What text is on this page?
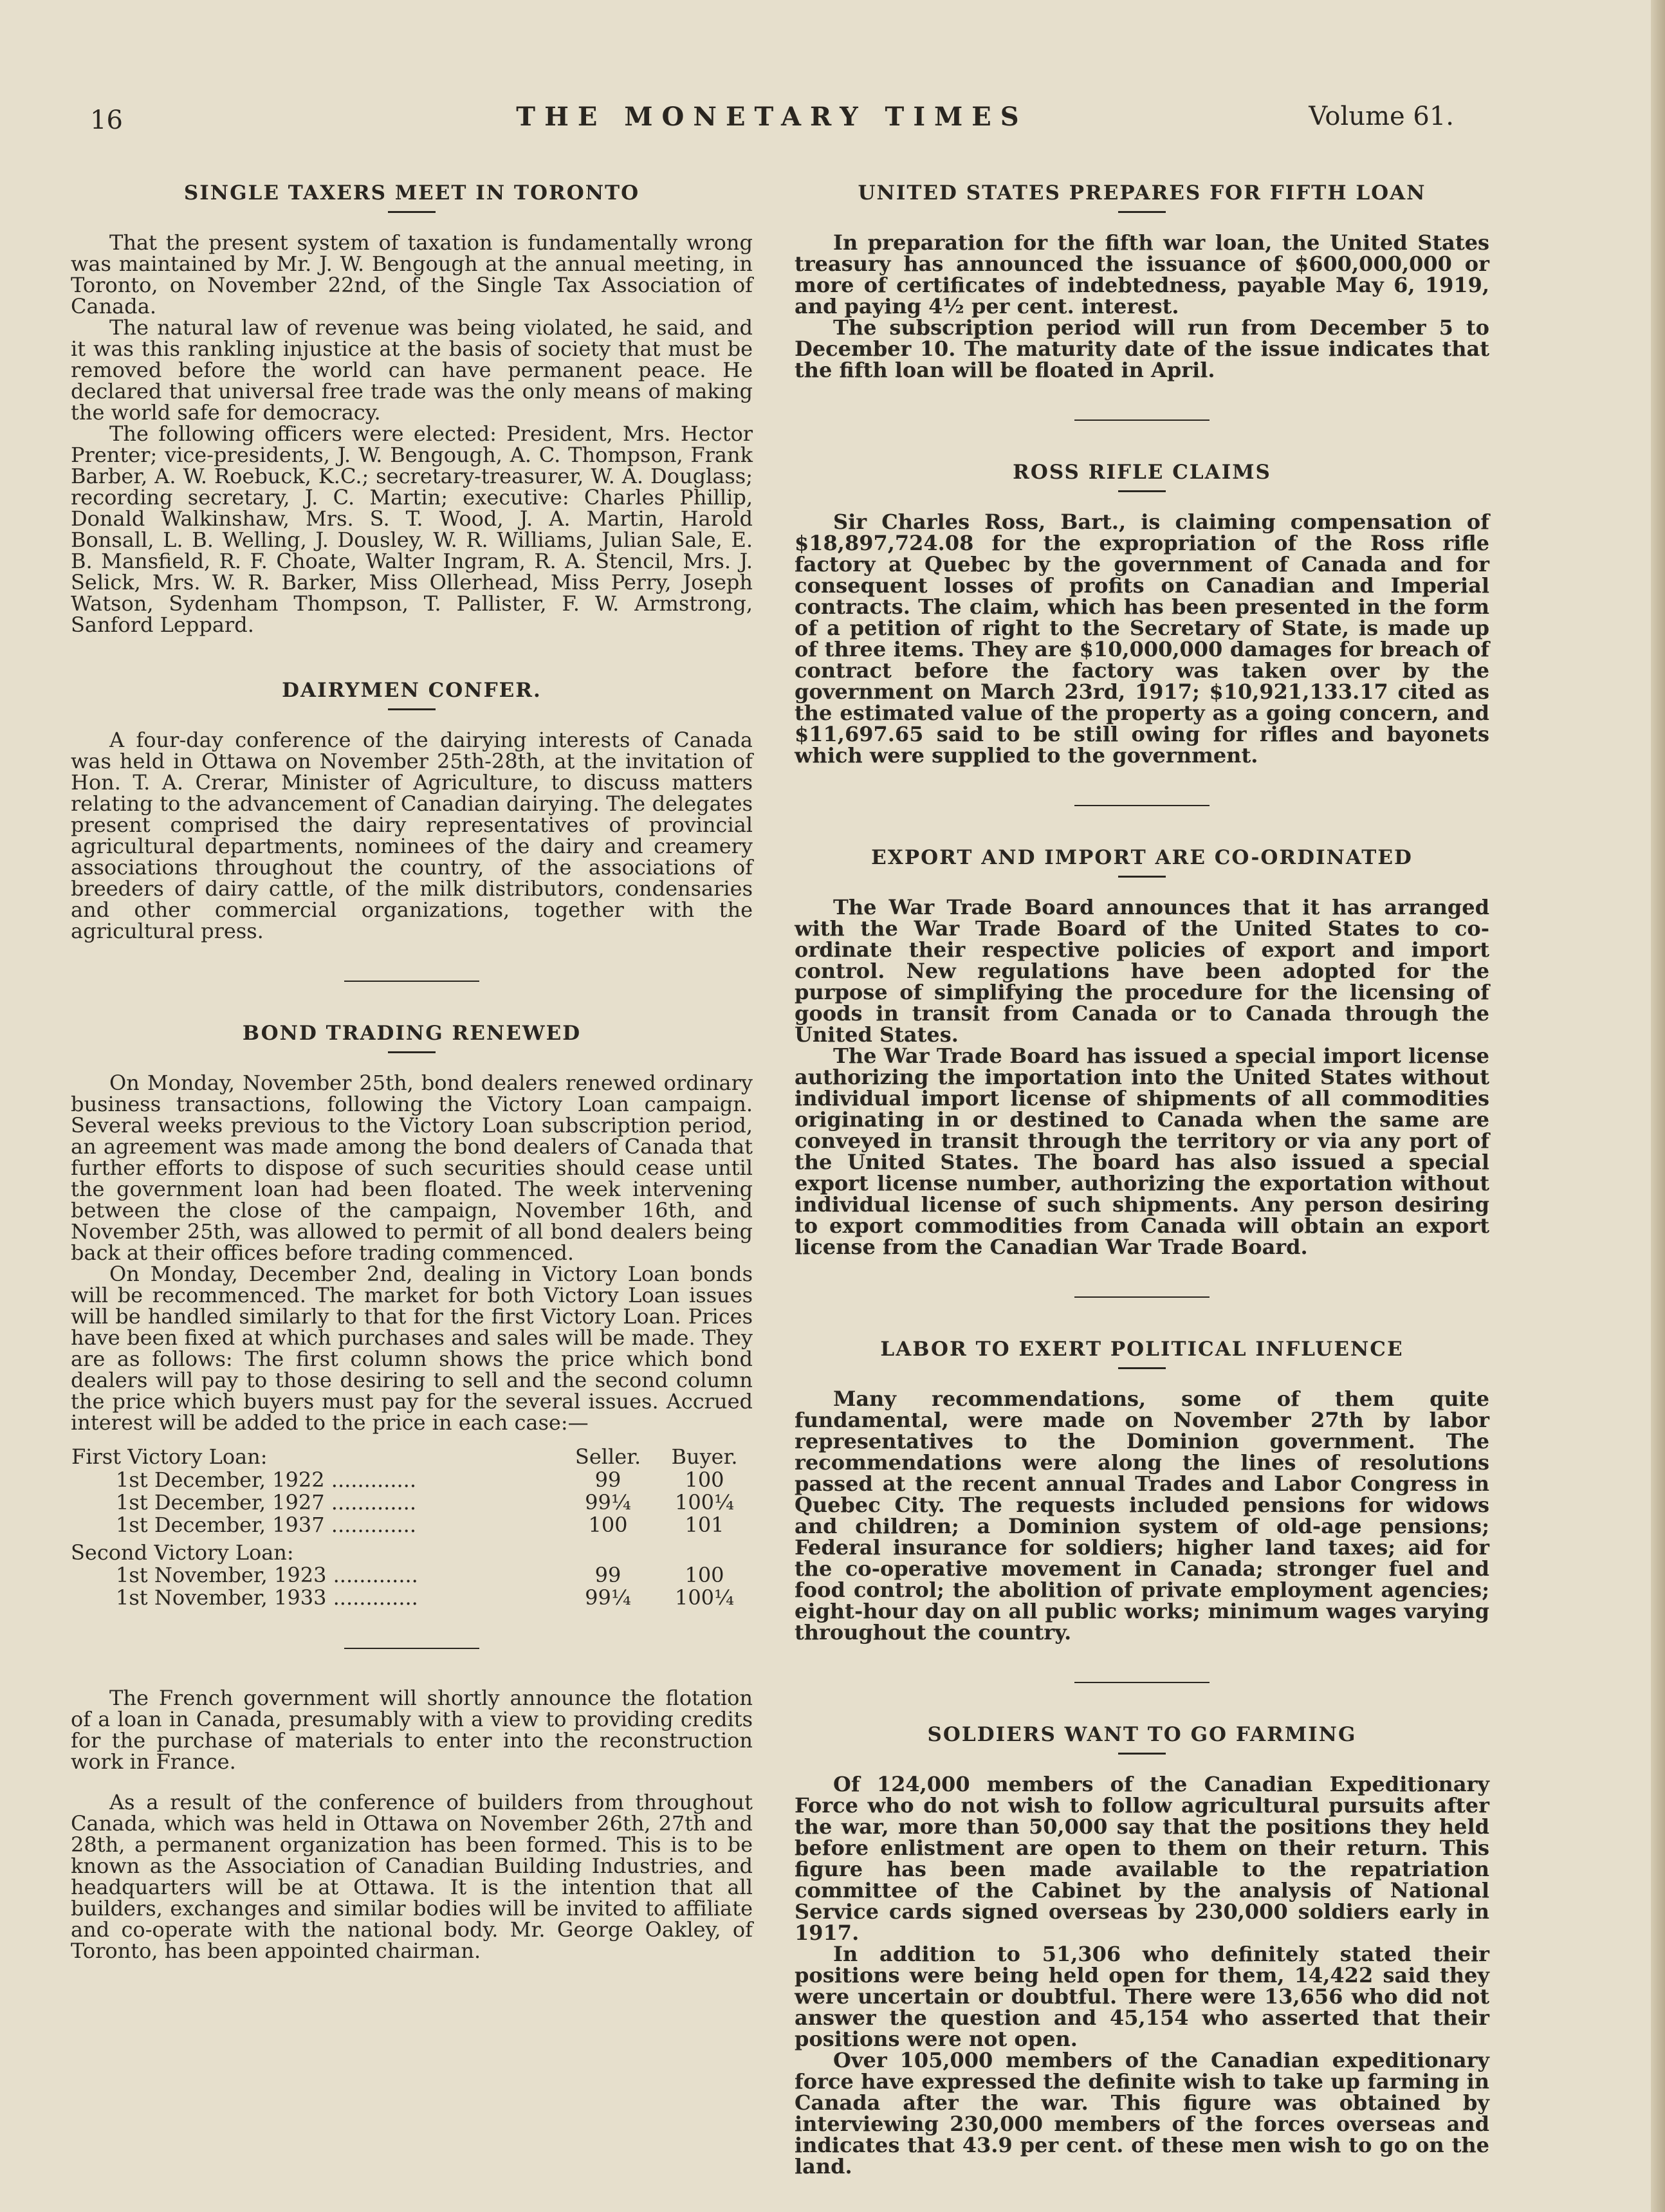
16	THE MONETARY TIMES	Volume 61.
SINGLE TAXERS MEET IN TORONTO

That the present system of taxation is fundamentally wrong was maintained by Mr. J. W. Bengough at the annual meeting, in Toronto, on November 22nd, of the Single Tax Association of Canada.

The natural law of revenue was being violated, he said, and it was this rankling injustice at the basis of society that must be removed before the world can have permanent peace. He declared that universal free trade was the only means of making the world safe for democracy.

The following officers were elected: President, Mrs. Hector Prenter; vice-presidents, J. W. Bengough, A. C. Thompson, Frank Barber, A. W. Roebuck, K.C.; secretary-treasurer, W. A. Douglass; recording secretary, J. C. Martin; executive: Charles Phillip, Donald Walkinshaw, Mrs. S. T. Wood, J. A. Martin, Harold Bonsall, L. B. Welling, J. Dousley, W. R. Williams, Julian Sale, E. B. Mansfield, R. F. Choate, Walter Ingram, R. A. Stencil, Mrs. J. Selick, Mrs. W. R. Barker, Miss Ollerhead, Miss Perry, Joseph Watson, Sydenham Thompson, T. Pallister, F. W. Armstrong, Sanford Leppard.

DAIRYMEN CONFER.

A four-day conference of the dairying interests of Canada was held in Ottawa on November 25th-28th, at the invitation of Hon. T. A. Crerar, Minister of Agriculture, to discuss matters relating to the advancement of Canadian dairying. The delegates present comprised the dairy representatives of provincial agricultural departments, nominees of the dairy and creamery associations throughout the country, of the associations of breeders of dairy cattle, of the milk distributors, condensaries and other commercial organizations, together with the agricultural press.

BOND TRADING RENEWED

On Monday, November 25th, bond dealers renewed ordinary business transactions, following the Victory Loan campaign. Several weeks previous to the Victory Loan subscription period, an agreement was made among the bond dealers of Canada that further efforts to dispose of such securities should cease until the government loan had been floated. The week intervening between the close of the campaign, November 16th, and November 25th, was allowed to permit of all bond dealers being back at their offices before trading commenced.

On Monday, December 2nd, dealing in Victory Loan bonds will be recommenced. The market for both Victory Loan issues will be handled similarly to that for the first Victory Loan. Prices have been fixed at which purchases and sales will be made. They are as follows: The first column shows the price which bond dealers will pay to those desiring to sell and the second column the price which buyers must pay for the several issues. Accrued interest will be added to the price in each case:—

First Victory Loan:	Seller.	Buyer.
1st December, 1922 .............	99	100
1st December, 1927 .............	99¼	100¼
1st December, 1937 .............	100	101
Second Victory Loan:		
1st November, 1923 .............	99	100
1st November, 1933 .............	99¼	100¼

The French government will shortly announce the flotation of a loan in Canada, presumably with a view to providing credits for the purchase of materials to enter into the reconstruction work in France.

As a result of the conference of builders from throughout Canada, which was held in Ottawa on November 26th, 27th and 28th, a permanent organization has been formed. This is to be known as the Association of Canadian Building Industries, and headquarters will be at Ottawa. It is the intention that all builders, exchanges and similar bodies will be invited to affiliate and co-operate with the national body. Mr. George Oakley, of Toronto, has been appointed chairman.

UNITED STATES PREPARES FOR FIFTH LOAN

In preparation for the fifth war loan, the United States treasury has announced the issuance of $600,000,000 or more of certificates of indebtedness, payable May 6, 1919, and paying 4½ per cent. interest.

The subscription period will run from December 5 to December 10. The maturity date of the issue indicates that the fifth loan will be floated in April.

ROSS RIFLE CLAIMS

Sir Charles Ross, Bart., is claiming compensation of $18,897,724.08 for the expropriation of the Ross rifle factory at Quebec by the government of Canada and for consequent losses of profits on Canadian and Imperial contracts. The claim, which has been presented in the form of a petition of right to the Secretary of State, is made up of three items. They are $10,000,000 damages for breach of contract before the factory was taken over by the government on March 23rd, 1917; $10,921,133.17 cited as the estimated value of the property as a going concern, and $11,697.65 said to be still owing for rifles and bayonets which were supplied to the government.

EXPORT AND IMPORT ARE CO-ORDINATED

The War Trade Board announces that it has arranged with the War Trade Board of the United States to co-ordinate their respective policies of export and import control. New regulations have been adopted for the purpose of simplifying the procedure for the licensing of goods in transit from Canada or to Canada through the United States.

The War Trade Board has issued a special import license authorizing the importation into the United States without individual import license of shipments of all commodities originating in or destined to Canada when the same are conveyed in transit through the territory or via any port of the United States. The board has also issued a special export license number, authorizing the exportation without individual license of such shipments. Any person desiring to export commodities from Canada will obtain an export license from the Canadian War Trade Board.

LABOR TO EXERT POLITICAL INFLUENCE

Many recommendations, some of them quite fundamental, were made on November 27th by labor representatives to the Dominion government. The recommendations were along the lines of resolutions passed at the recent annual Trades and Labor Congress in Quebec City. The requests included pensions for widows and children; a Dominion system of old-age pensions; Federal insurance for soldiers; higher land taxes; aid for the co-operative movement in Canada; stronger fuel and food control; the abolition of private employment agencies; eight-hour day on all public works; minimum wages varying throughout the country.

SOLDIERS WANT TO GO FARMING

Of 124,000 members of the Canadian Expeditionary Force who do not wish to follow agricultural pursuits after the war, more than 50,000 say that the positions they held before enlistment are open to them on their return. This figure has been made available to the repatriation committee of the Cabinet by the analysis of National Service cards signed overseas by 230,000 soldiers early in 1917.

In addition to 51,306 who definitely stated their positions were being held open for them, 14,422 said they were uncertain or doubtful. There were 13,656 who did not answer the question and 45,154 who asserted that their positions were not open.

Over 105,000 members of the Canadian expeditionary force have expressed the definite wish to take up farming in Canada after the war. This figure was obtained by interviewing 230,000 members of the forces overseas and indicates that 43.9 per cent. of these men wish to go on the land.
